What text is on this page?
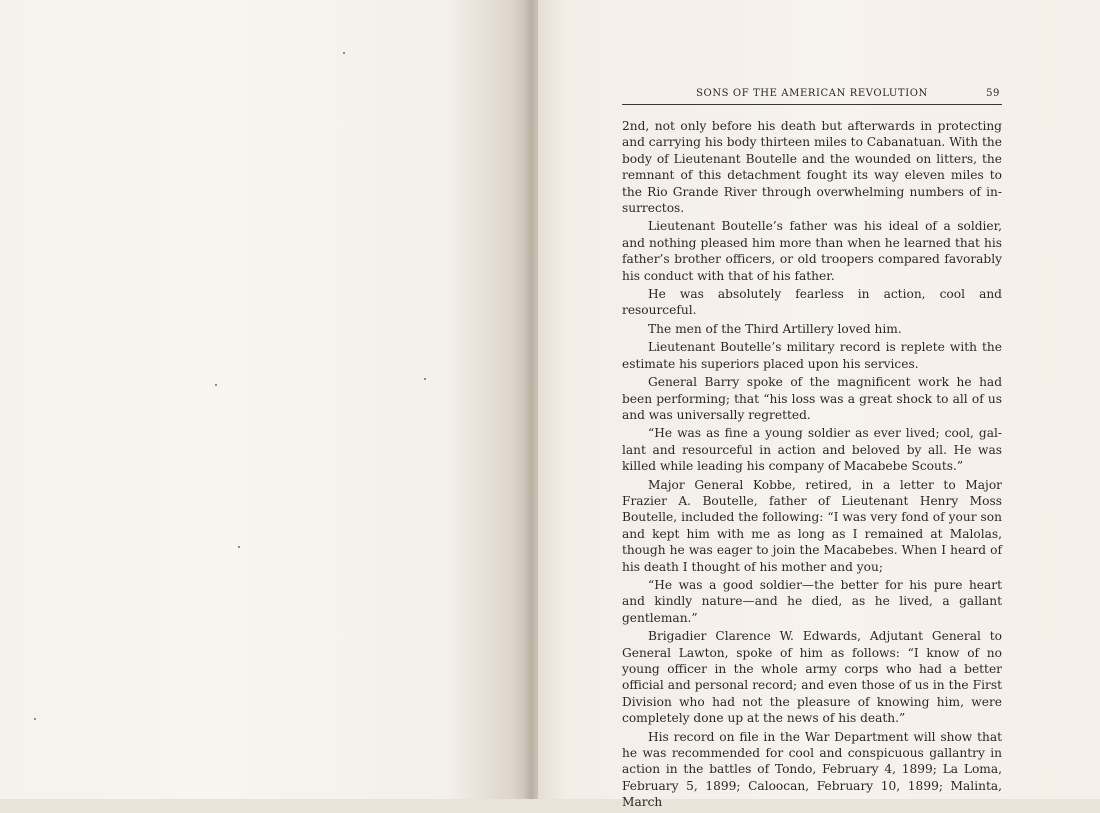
SONS OF THE AMERICAN REVOLUTION	59

2nd, not only before his death but afterwards in protecting and carrying his body thirteen miles to Cabanatuan. With the body of Lieutenant Boutelle and the wounded on litters, the remnant of this detachment fought its way eleven miles to the Rio Grande River through overwhelming numbers of insurrectos.

Lieutenant Boutelle’s father was his ideal of a soldier, and nothing pleased him more than when he learned that his father’s brother officers, or old troopers compared favorably his conduct with that of his father.

He was absolutely fearless in action, cool and resourceful.

The men of the Third Artillery loved him.

Lieutenant Boutelle’s military record is replete with the estimate his superiors placed upon his services.

General Barry spoke of the magnificent work he had been performing; that “his loss was a great shock to all of us and was universally regretted.

“He was as fine a young soldier as ever lived; cool, gallant and resourceful in action and beloved by all. He was killed while leading his company of Macabebe Scouts.”

Major General Kobbe, retired, in a letter to Major Frazier A. Boutelle, father of Lieutenant Henry Moss Boutelle, included the following: “I was very fond of your son and kept him with me as long as I remained at Malolas, though he was eager to join the Macabebes. When I heard of his death I thought of his mother and you;

“He was a good soldier—the better for his pure heart and kindly nature—and he died, as he lived, a gallant gentleman.”

Brigadier Clarence W. Edwards, Adjutant General to General Lawton, spoke of him as follows: “I know of no young officer in the whole army corps who had a better official and personal record; and even those of us in the First Division who had not the pleasure of knowing him, were completely done up at the news of his death.”

His record on file in the War Department will show that he was recommended for cool and conspicuous gallantry in action in the battles of Tondo, February 4, 1899; La Loma, February 5, 1899; Caloocan, February 10, 1899; Malinta, March
